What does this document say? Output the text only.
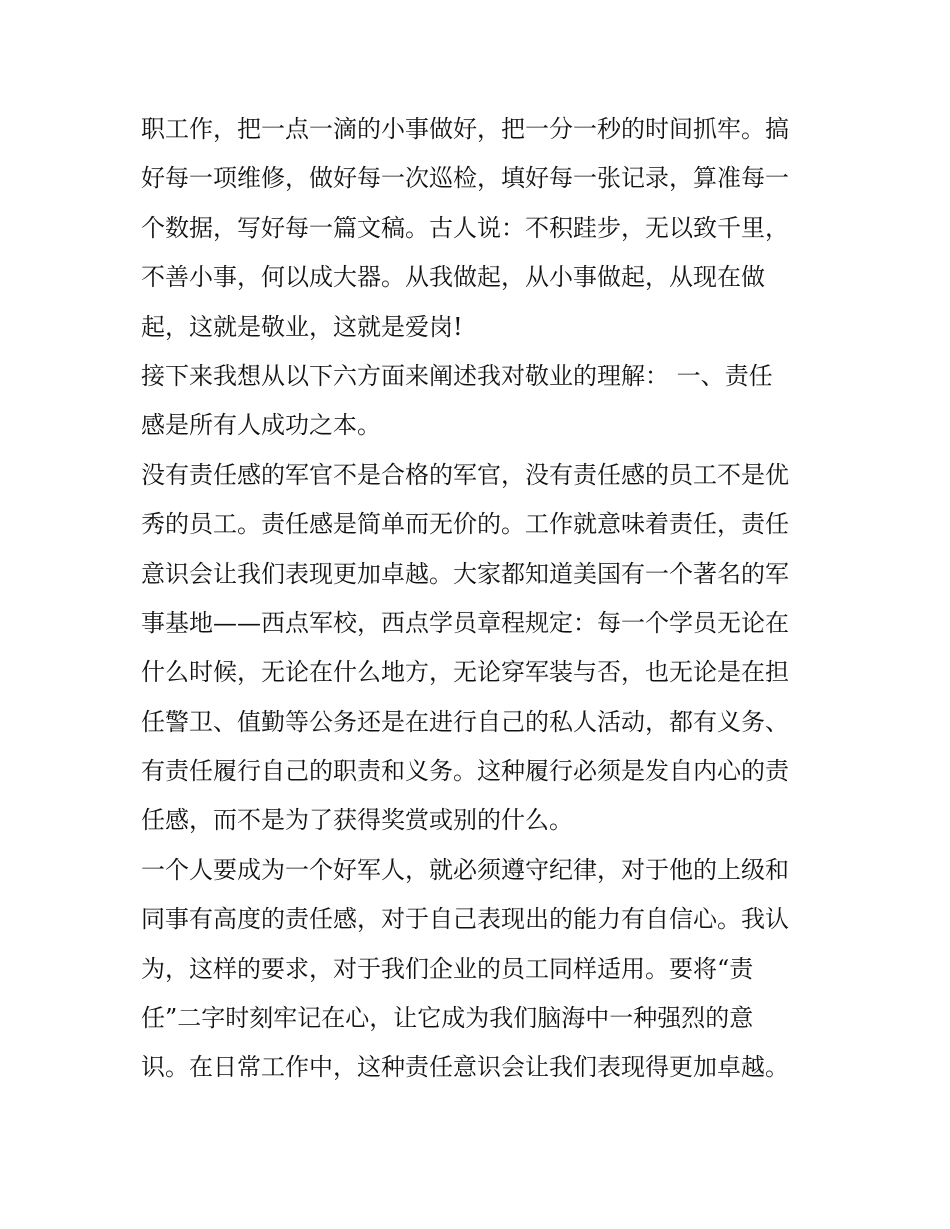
职工作，把一点一滴的小事做好，把一分一秒的时间抓牢。搞
好每一项维修，做好每一次巡检，填好每一张记录，算准每一
个数据，写好每一篇文稿。古人说：不积跬步，无以致千里，
不善小事，何以成大器。从我做起，从小事做起，从现在做
起，这就是敬业，这就是爱岗!
接下来我想从以下六方面来阐述我对敬业的理解： 一、责任
感是所有人成功之本。
没有责任感的军官不是合格的军官，没有责任感的员工不是优
秀的员工。责任感是简单而无价的。工作就意味着责任，责任
意识会让我们表现更加卓越。大家都知道美国有一个著名的军
事基地——西点军校，西点学员章程规定：每一个学员无论在
什么时候，无论在什么地方，无论穿军装与否，也无论是在担
任警卫、值勤等公务还是在进行自己的私人活动，都有义务、
有责任履行自己的职责和义务。这种履行必须是发自内心的责
任感，而不是为了获得奖赏或别的什么。
一个人要成为一个好军人，就必须遵守纪律，对于他的上级和
同事有高度的责任感，对于自己表现出的能力有自信心。我认
为，这样的要求，对于我们企业的员工同样适用。要将“责
任”二字时刻牢记在心，让它成为我们脑海中一种强烈的意
识。在日常工作中，这种责任意识会让我们表现得更加卓越。
